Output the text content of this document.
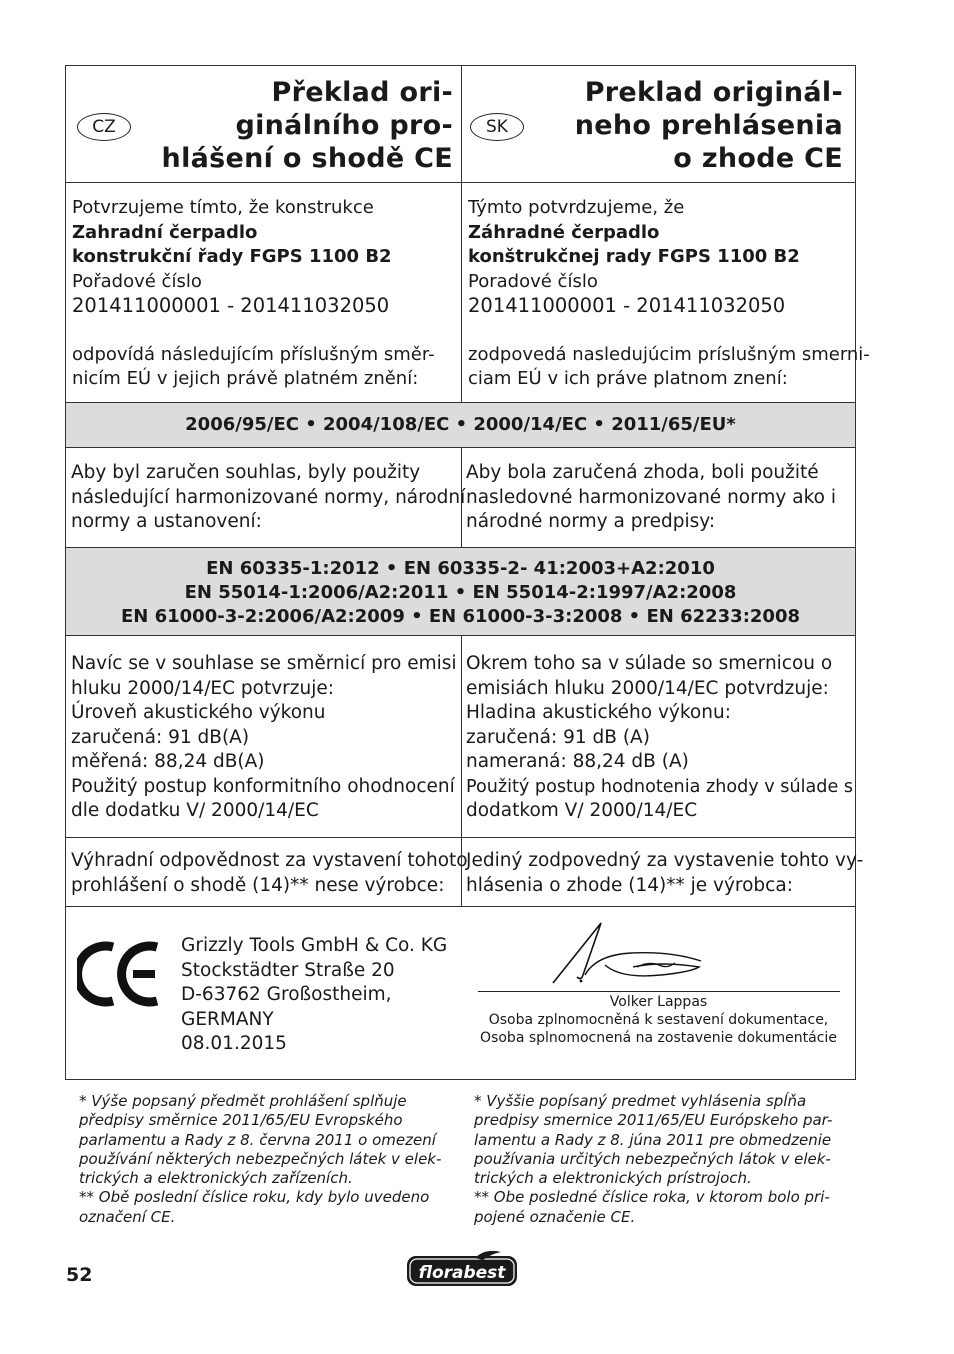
CZ
Překlad ori-
ginálního pro-
hlášení o shodě CE
SK
Preklad originál-
neho prehlásenia
o zhode CE
Potvrzujeme tímto, že konstrukce
Zahradní čerpadlo
konstrukční řady FGPS 1100 B2
Pořadové číslo
201411000001 - 201411032050
odpovídá následujícím příslušným směr-
nicím EÚ v jejich právě platném znění:
Týmto potvrdzujeme, že
Záhradné čerpadlo
konštrukčnej rady FGPS 1100 B2
Poradové číslo
201411000001 - 201411032050
zodpovedá nasledujúcim príslušným smerni-
ciam EÚ v ich práve platnom znení:
2006/95/EC • 2004/108/EC • 2000/14/EC • 2011/65/EU*
Aby byl zaručen souhlas, byly použity
následující harmonizované normy, národní
normy a ustanovení:
Aby bola zaručená zhoda, boli použité
nasledovné harmonizované normy ako i
národné normy a predpisy:
EN 60335-1:2012 • EN 60335-2- 41:2003+A2:2010
EN 55014-1:2006/A2:2011 • EN 55014-2:1997/A2:2008
EN 61000-3-2:2006/A2:2009 • EN 61000-3-3:2008 • EN 62233:2008
Navíc se v souhlase se směrnicí pro emisi
hluku 2000/14/EC potvrzuje:
Úroveň akustického výkonu
zaručená: 91 dB(A)
měřená: 88,24 dB(A)
Použitý postup konformitního ohodnocení
dle dodatku V/ 2000/14/EC
Okrem toho sa v súlade so smernicou o
emisiách hluku 2000/14/EC potvrdzuje:
Hladina akustického výkonu:
zaručená: 91 dB (A)
nameraná: 88,24 dB (A)
Použitý postup hodnotenia zhody v súlade s
dodatkom V/ 2000/14/EC
Výhradní odpovědnost za vystavení tohoto
prohlášení o shodě (14)** nese výrobce:
Jediný zodpovedný za vystavenie tohto vy-
hlásenia o zhode (14)** je výrobca:
Grizzly Tools GmbH & Co. KG
Stockstädter Straße 20
D-63762 Großostheim,
GERMANY
08.01.2015
Volker Lappas
Osoba zplnomocněná k sestavení dokumentace,
Osoba splnomocnená na zostavenie dokumentácie
* Výše popsaný předmět prohlášení splňuje
předpisy směrnice 2011/65/EU Evropského
parlamentu a Rady z 8. června 2011 o omezení
používání některých nebezpečných látek v elek-
trických a elektronických zařízeních.
** Obě poslední číslice roku, kdy bylo uvedeno
označení CE.
* Vyššie popísaný predmet vyhlásenia spĺňa
predpisy smernice 2011/65/EU Európskeho par-
lamentu a Rady z 8. júna 2011 pre obmedzenie
používania určitých nebezpečných látok v elek-
trických a elektronických prístrojoch.
** Obe posledné číslice roka, v ktorom bolo pri-
pojené označenie CE.
52	florabest
